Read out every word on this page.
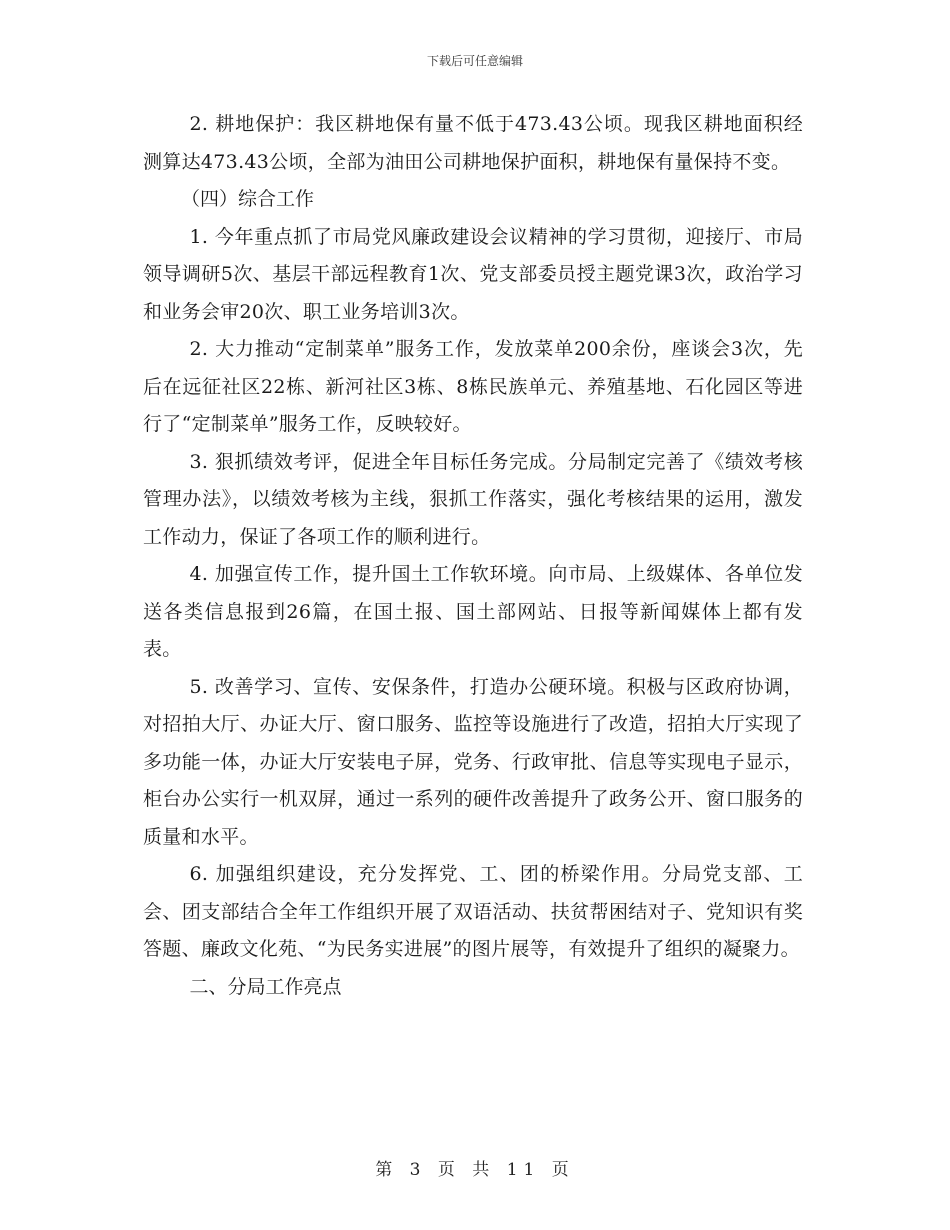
下载后可任意编辑

2. 耕地保护：我区耕地保有量不低于473.43公顷。现我区耕地面积经测算达473.43公顷，全部为油田公司耕地保护面积，耕地保有量保持不变。

（四）综合工作

1. 今年重点抓了市局党风廉政建设会议精神的学习贯彻，迎接厅、市局领导调研5次、基层干部远程教育1次、党支部委员授主题党课3次，政治学习和业务会审20次、职工业务培训3次。

2. 大力推动“定制菜单”服务工作，发放菜单200余份，座谈会3次，先后在远征社区22栋、新河社区3栋、8栋民族单元、养殖基地、石化园区等进行了“定制菜单”服务工作，反映较好。

3. 狠抓绩效考评，促进全年目标任务完成。分局制定完善了《绩效考核管理办法》，以绩效考核为主线，狠抓工作落实，强化考核结果的运用，激发工作动力，保证了各项工作的顺利进行。

4. 加强宣传工作，提升国土工作软环境。向市局、上级媒体、各单位发送各类信息报到26篇，在国土报、国土部网站、日报等新闻媒体上都有发表。

5. 改善学习、宣传、安保条件，打造办公硬环境。积极与区政府协调，对招拍大厅、办证大厅、窗口服务、监控等设施进行了改造，招拍大厅实现了多功能一体，办证大厅安装电子屏，党务、行政审批、信息等实现电子显示，柜台办公实行一机双屏，通过一系列的硬件改善提升了政务公开、窗口服务的质量和水平。

6. 加强组织建设，充分发挥党、工、团的桥梁作用。分局党支部、工会、团支部结合全年工作组织开展了双语活动、扶贫帮困结对子、党知识有奖答题、廉政文化苑、“为民务实进展”的图片展等，有效提升了组织的凝聚力。

二、分局工作亮点

第 3 页 共 11 页
